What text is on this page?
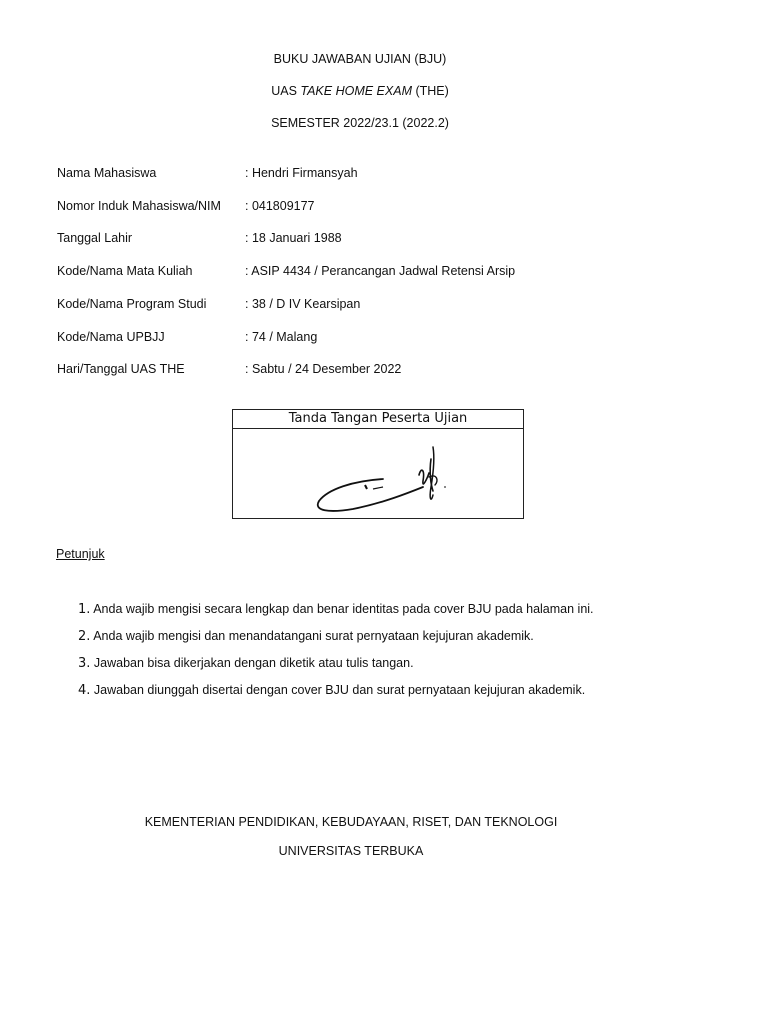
BUKU JAWABAN UJIAN (BJU)
UAS TAKE HOME EXAM (THE)
SEMESTER 2022/23.1 (2022.2)
Nama Mahasiswa	: Hendri Firmansyah
Nomor Induk Mahasiswa/NIM : 041809177
Tanggal Lahir	: 18 Januari 1988
Kode/Nama Mata Kuliah	: ASIP 4434 / Perancangan Jadwal Retensi Arsip
Kode/Nama Program Studi	: 38 / D IV Kearsipan
Kode/Nama UPBJJ	: 74 / Malang
Hari/Tanggal UAS THE	: Sabtu / 24 Desember 2022
Tanda Tangan Peserta Ujian
Petunjuk
1. Anda wajib mengisi secara lengkap dan benar identitas pada cover BJU pada halaman ini.
2. Anda wajib mengisi dan menandatangani surat pernyataan kejujuran akademik.
3. Jawaban bisa dikerjakan dengan diketik atau tulis tangan.
4. Jawaban diunggah disertai dengan cover BJU dan surat pernyataan kejujuran akademik.
KEMENTERIAN PENDIDIKAN, KEBUDAYAAN, RISET, DAN TEKNOLOGI
UNIVERSITAS TERBUKA
